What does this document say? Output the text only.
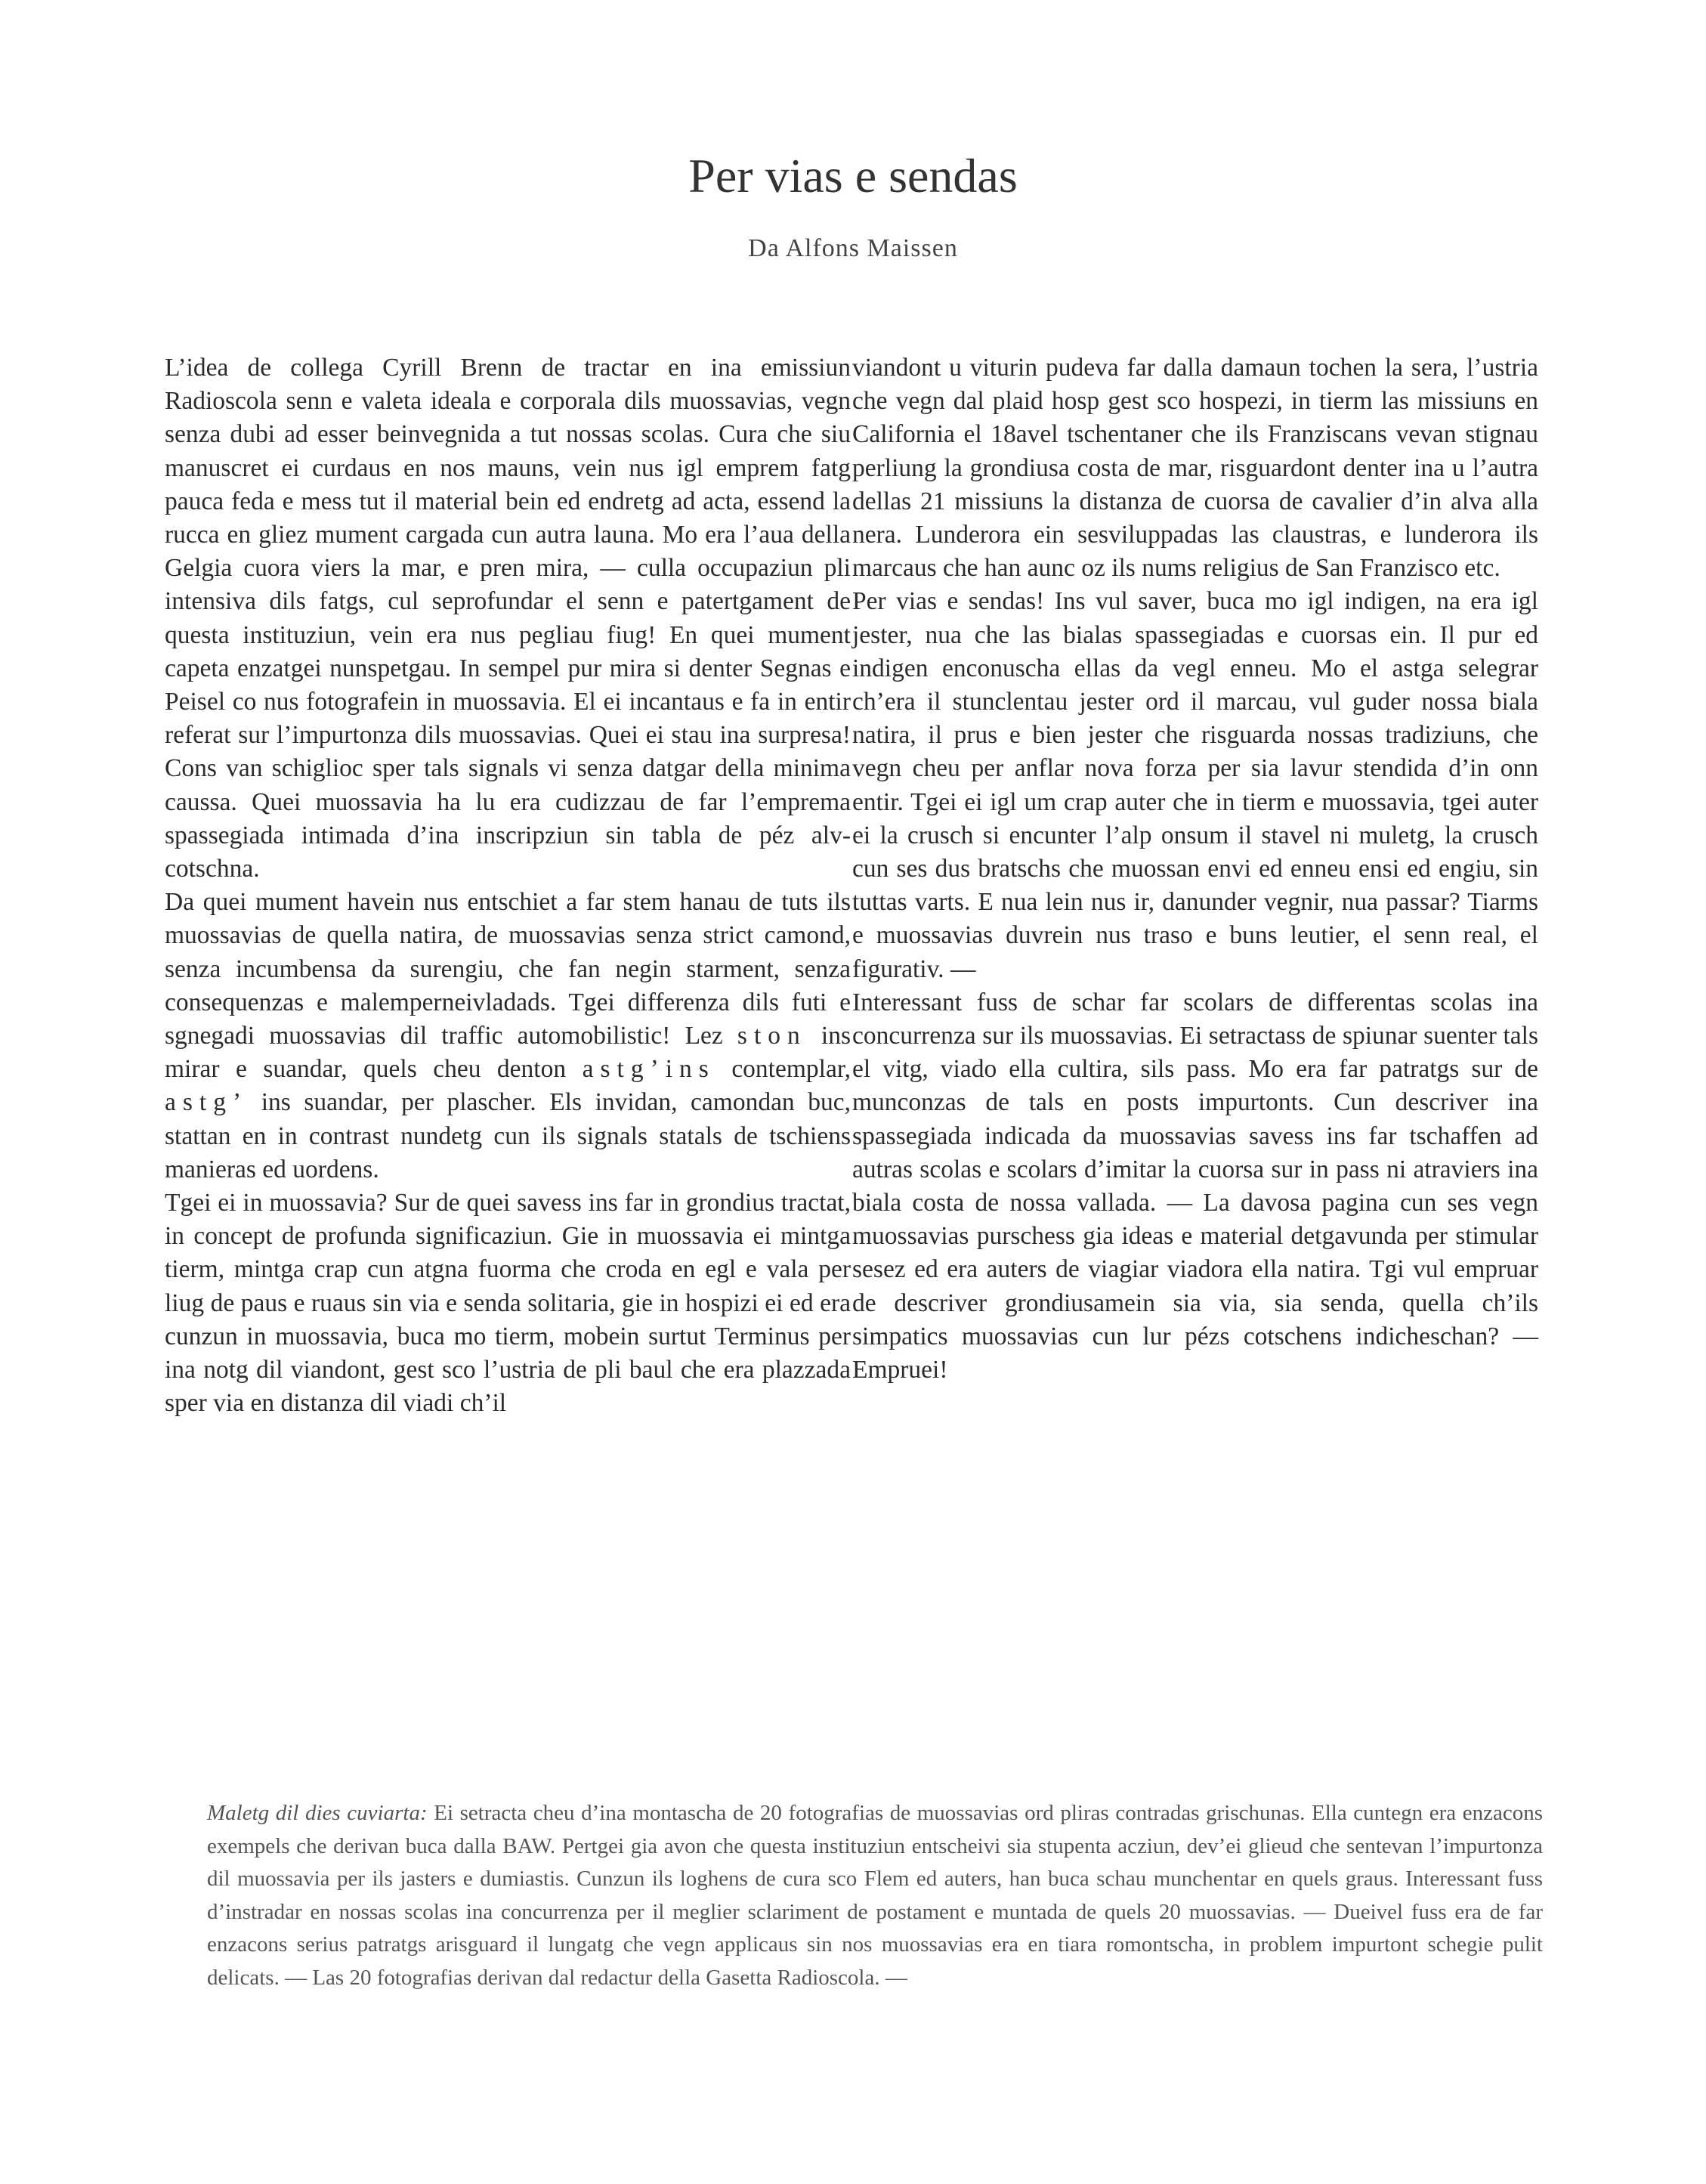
Per vias e sendas
Da Alfons Maissen

L’idea de collega Cyrill Brenn de tractar en ina emissiun Radioscola senn e valeta ideala e corporala dils muossavias, vegn senza dubi ad esser beinvegnida a tut nossas scolas. Cura che siu manuscret ei curdaus en nos mauns, vein nus igl emprem fatg pauca feda e mess tut il material bein ed endretg ad acta, essend la rucca en gliez mument cargada cun autra launa. Mo era l’aua della Gelgia cuora viers la mar, e pren mira, — culla occupaziun pli intensiva dils fatgs, cul seprofundar el senn e patertgament de questa instituziun, vein era nus pegliau fiug! En quei mument capeta enzatgei nunspetgau. In sempel pur mira si denter Segnas e Peisel co nus fotografein in muossavia. El ei incantaus e fa in entir referat sur l’impurtonza dils muossavias. Quei ei stau ina surpresa! Cons van schiglioc sper tals signals vi senza datgar della minima caussa. Quei muossavia ha lu era cudizzau de far l’emprema spassegiada intimada d’ina inscripziun sin tabla de péz alv-cotschna.

Da quei mument havein nus entschiet a far stem hanau de tuts ils muossavias de quella natira, de muossavias senza strict camond, senza incumbensa da surengiu, che fan negin starment, senza consequenzas e malemperneivladads. Tgei differenza dils futi e sgnegadi muossavias dil traffic automobilistic! Lez ston ins mirar e suandar, quels cheu denton astg’ins contemplar, astg’ ins suandar, per plascher. Els invidan, camondan buc, stattan en in contrast nundetg cun ils signals statals de tschiens manieras ed uordens.

Tgei ei in muossavia? Sur de quei savess ins far in grondius tractat, in concept de profunda significaziun. Gie in muossavia ei mintga tierm, mintga crap cun atgna fuorma che croda en egl e vala per liug de paus e ruaus sin via e senda solitaria, gie in hospizi ei ed era cunzun in muossavia, buca mo tierm, mobein surtut Terminus per ina notg dil viandont, gest sco l’ustria de pli baul che era plazzada sper via en distanza dil viadi ch’il

viandont u viturin pudeva far dalla damaun tochen la sera, l’ustria che vegn dal plaid hosp gest sco hospezi, in tierm las missiuns en California el 18avel tschentaner che ils Franziscans vevan stignau perliung la grondiusa costa de mar, risguardont denter ina u l’autra dellas 21 missiuns la distanza de cuorsa de cavalier d’in alva alla nera. Lunderora ein sesviluppadas las claustras, e lunderora ils marcaus che han aunc oz ils nums religius de San Franzisco etc.

Per vias e sendas! Ins vul saver, buca mo igl indigen, na era igl jester, nua che las bialas spassegiadas e cuorsas ein. Il pur ed indigen enconuscha ellas da vegl enneu. Mo el astga selegrar ch’era il stunclentau jester ord il marcau, vul guder nossa biala natira, il prus e bien jester che risguarda nossas tradiziuns, che vegn cheu per anflar nova forza per sia lavur stendida d’in onn entir. Tgei ei igl um crap auter che in tierm e muossavia, tgei auter ei la crusch si encunter l’alp onsum il stavel ni muletg, la crusch cun ses dus bratschs che muossan envi ed enneu ensi ed engiu, sin tuttas varts. E nua lein nus ir, danunder vegnir, nua passar? Tiarms e muossavias duvrein nus traso e buns leutier, el senn real, el figurativ. —

Interessant fuss de schar far scolars de differentas scolas ina concurrenza sur ils muossavias. Ei setractass de spiunar suenter tals el vitg, viado ella cultira, sils pass. Mo era far patratgs sur de munconzas de tals en posts impurtonts. Cun descriver ina spassegiada indicada da muossavias savess ins far tschaffen ad autras scolas e scolars d’imitar la cuorsa sur in pass ni atraviers ina biala costa de nossa vallada. — La davosa pagina cun ses vegn muossavias purschess gia ideas e material detgavunda per stimular sesez ed era auters de viagiar viadora ella natira. Tgi vul empruar de descriver grondiusamein sia via, sia senda, quella ch’ils simpatics muossavias cun lur pézs cotschens indicheschan? — Empruei!

Maletg dil dies cuviarta: Ei setracta cheu d’ina montascha de 20 fotografias de muossavias ord pliras contradas grischunas. Ella cuntegn era enzacons exempels che derivan buca dalla BAW. Pertgei gia avon che questa instituziun entscheivi sia stupenta acziun, dev’ei glieud che sentevan l’impurtonza dil muossavia per ils jasters e dumiastis. Cunzun ils loghens de cura sco Flem ed auters, han buca schau munchentar en quels graus. Interessant fuss d’instradar en nossas scolas ina concurrenza per il meglier sclariment de postament e muntada de quels 20 muossavias. — Dueivel fuss era de far enzacons serius patratgs arisguard il lungatg che vegn applicaus sin nos muossavias era en tiara romontscha, in problem impurtont schegie pulit delicats. — Las 20 fotografias derivan dal redactur della Gasetta Radioscola. —
